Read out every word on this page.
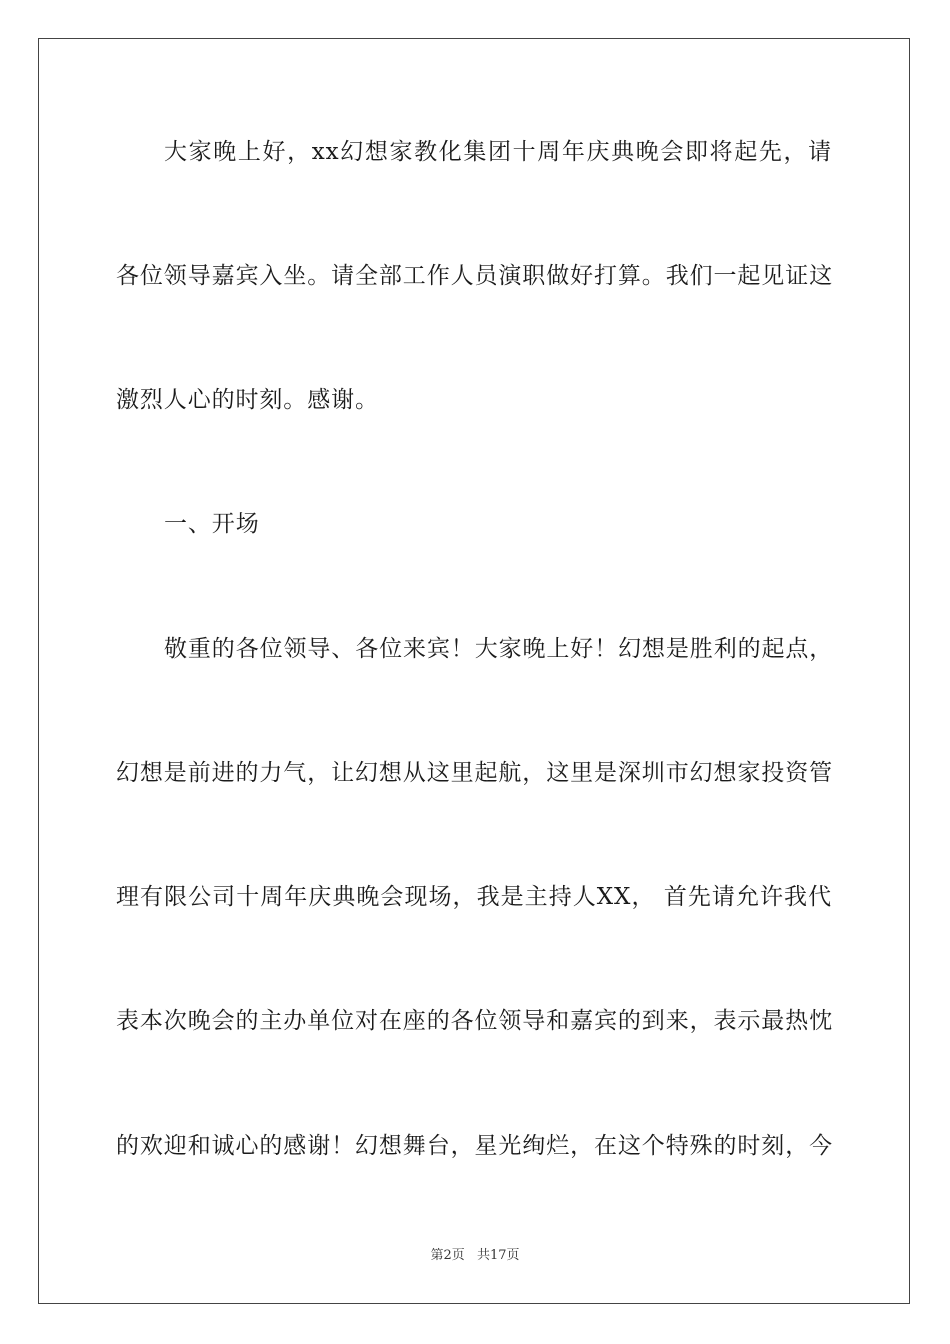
大家晚上好，xx幻想家教化集团十周年庆典晚会即将起先，请
各位领导嘉宾入坐。请全部工作人员演职做好打算。我们一起见证这
激烈人心的时刻。感谢。
一、开场
敬重的各位领导、各位来宾！大家晚上好！幻想是胜利的起点，
幻想是前进的力气，让幻想从这里起航，这里是深圳市幻想家投资管
理有限公司十周年庆典晚会现场，我是主持人XX， 首先请允许我代
表本次晚会的主办单位对在座的各位领导和嘉宾的到来，表示最热忱
的欢迎和诚心的感谢！幻想舞台，星光绚烂，在这个特殊的时刻，今
第2页 共17页
